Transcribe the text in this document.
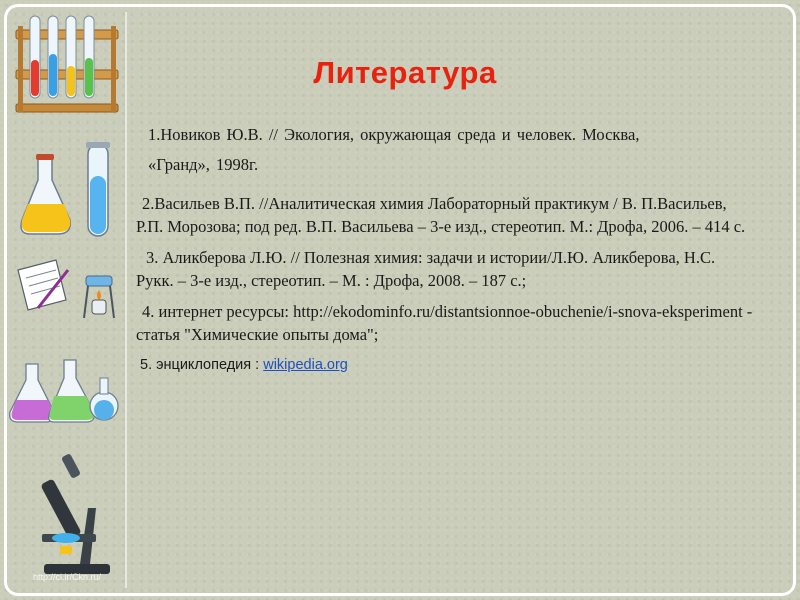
http://ci.ir/Ckn.ru/
Литература
1.Новиков Ю.В. // Экология, окружающая среда и человек. Москва,
«Гранд», 1998г.
2.Васильев В.П. //Аналитическая химия Лабораторный практикум / В. П.Васильев, Р.П. Морозова; под ред. В.П. Васильева – 3-е изд., стереотип. М.: Дрофа, 2006. – 414 с.
3. Аликберова Л.Ю. // Полезная химия: задачи и истории/Л.Ю. Аликберова, Н.С. Рукк. – 3-е изд., стереотип. – М. : Дрофа, 2008. – 187 с.;
4. интернет ресурсы: http://ekodominfo.ru/distantsionnoe-obuchenie/i-snova-eksperiment - статья "Химические опыты дома";
5. энциклопедия : wikipedia.org
